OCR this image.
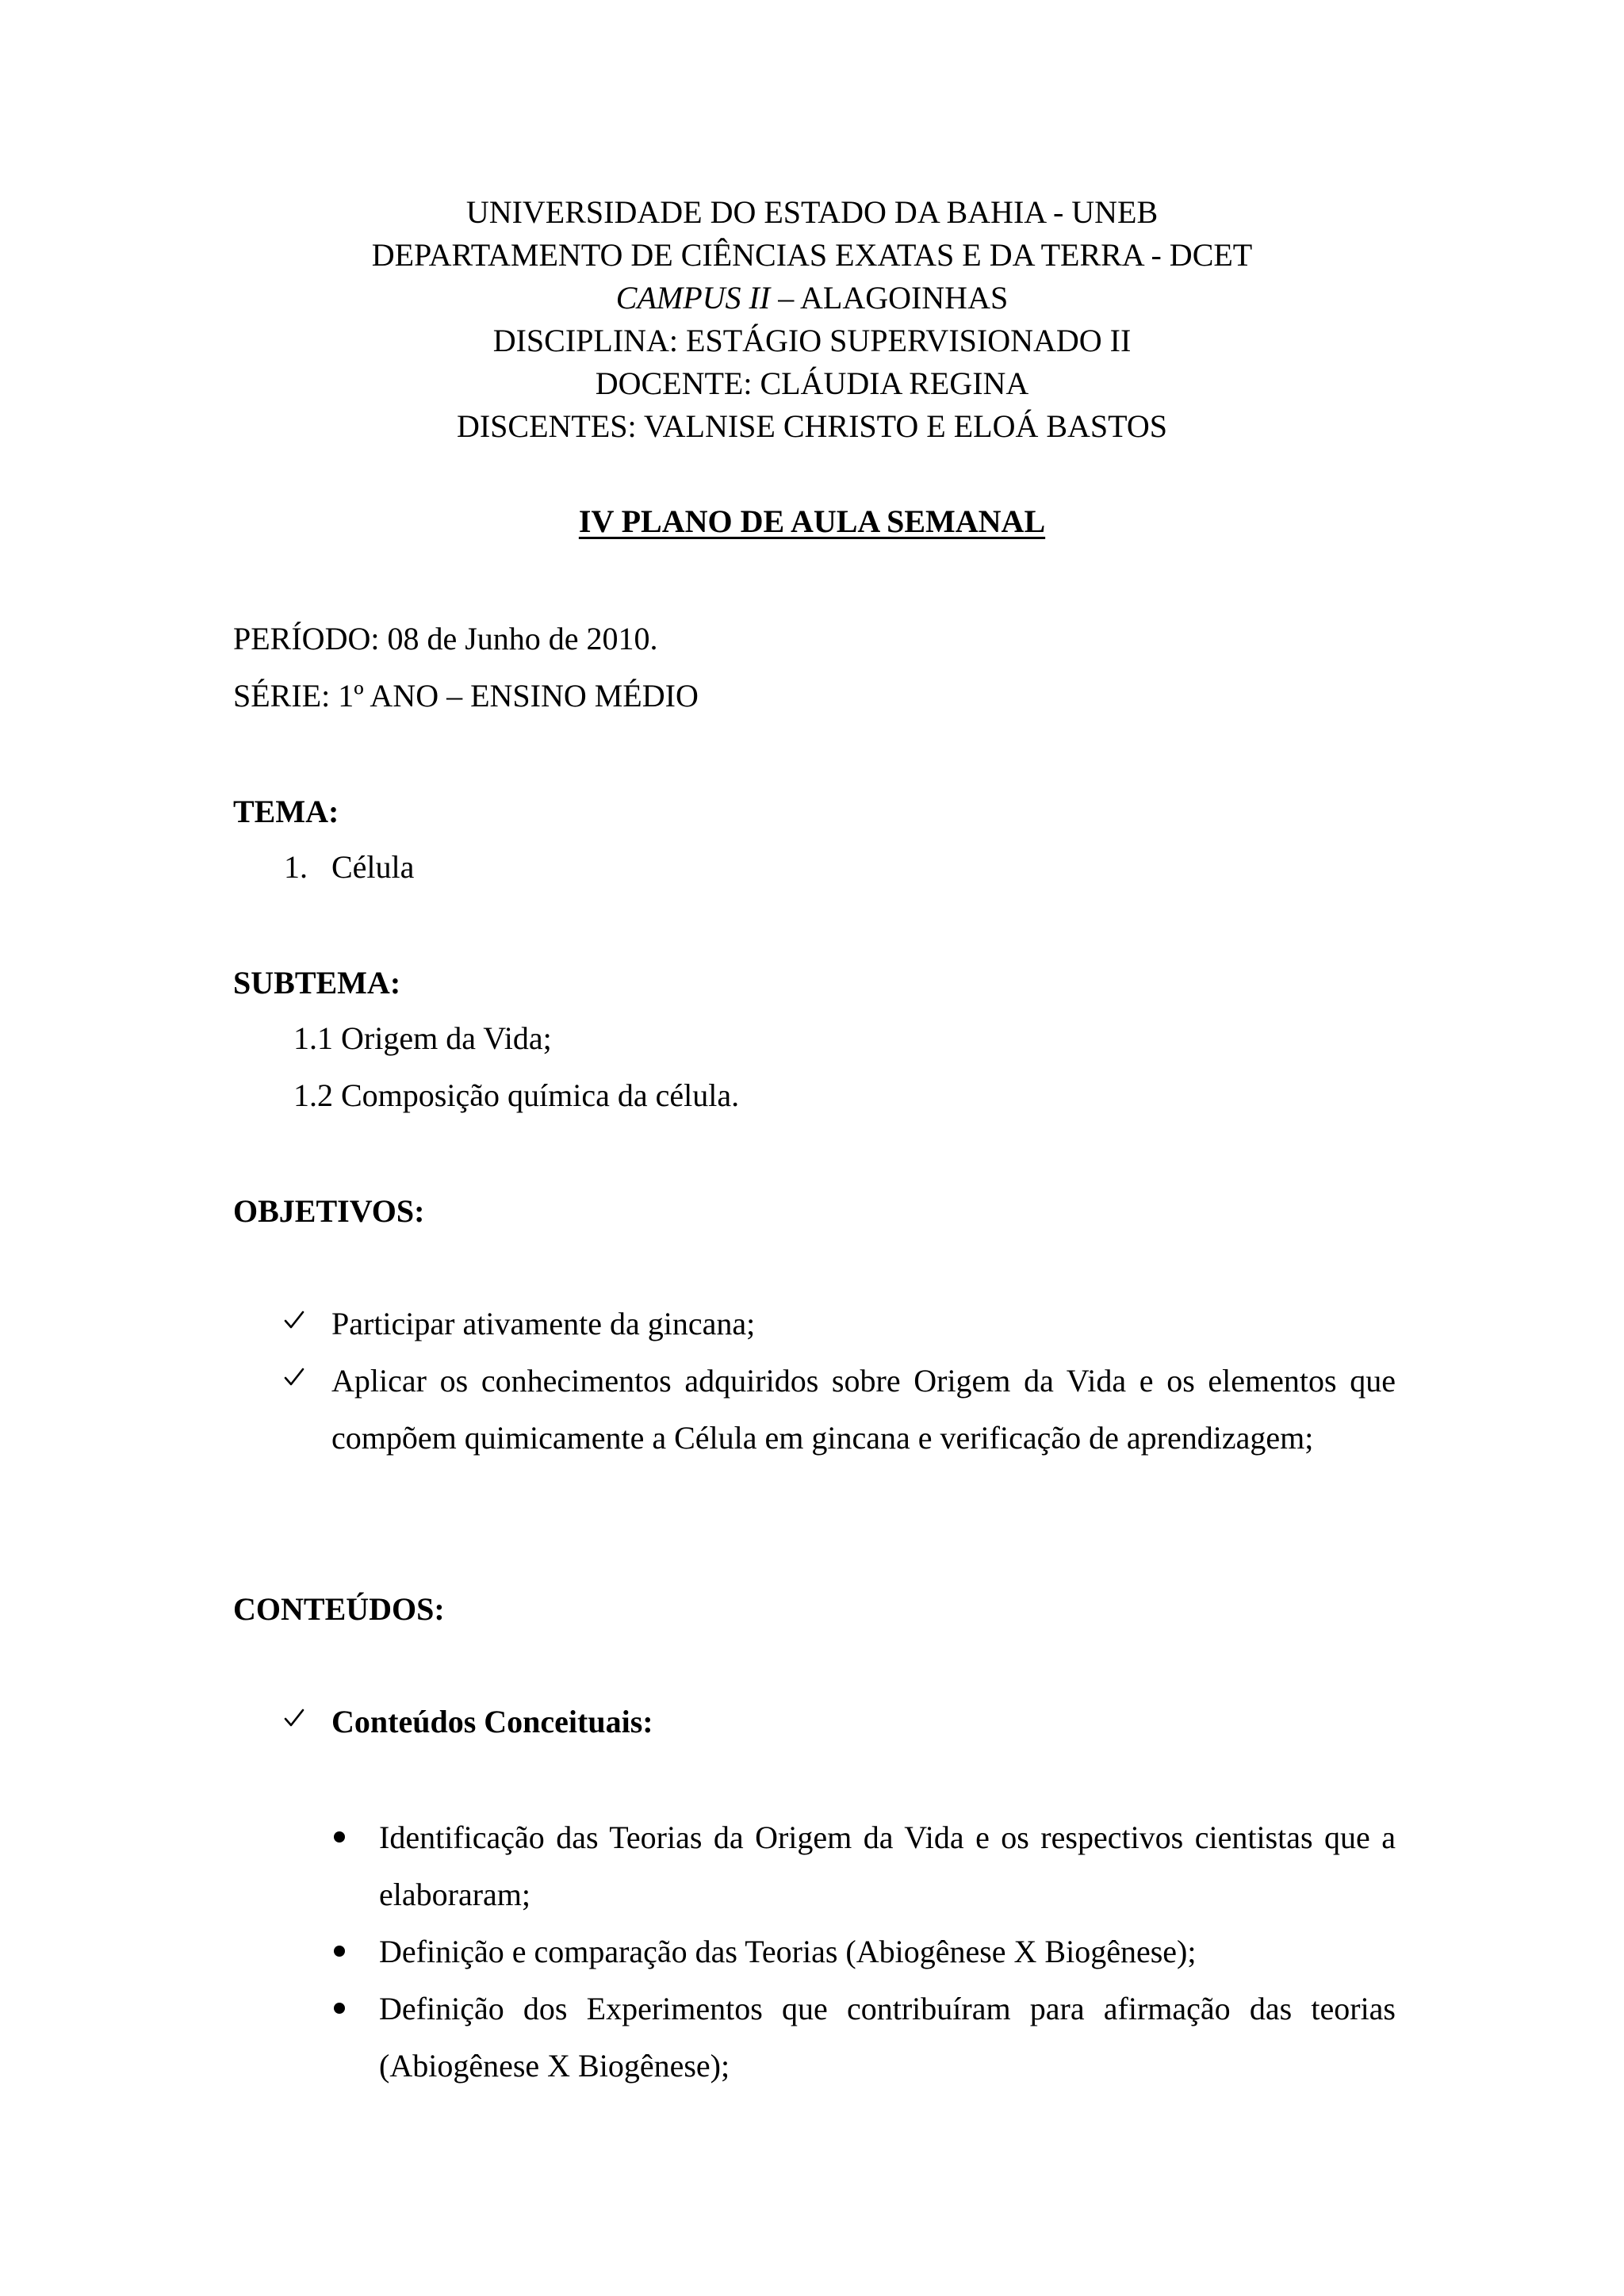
UNIVERSIDADE DO ESTADO DA BAHIA - UNEB
DEPARTAMENTO DE CIÊNCIAS EXATAS E DA TERRA - DCET
CAMPUS II – ALAGOINHAS
DISCIPLINA: ESTÁGIO SUPERVISIONADO II
DOCENTE: CLÁUDIA REGINA
DISCENTES: VALNISE CHRISTO E ELOÁ BASTOS
IV PLANO DE AULA SEMANAL
PERÍODO: 08 de Junho de 2010.
SÉRIE: 1º ANO – ENSINO MÉDIO
TEMA:
1. Célula
SUBTEMA:
1.1 Origem da Vida;
1.2 Composição química da célula.
OBJETIVOS:
Participar ativamente da gincana;
Aplicar os conhecimentos adquiridos sobre Origem da Vida e os elementos que
compõem quimicamente a Célula em gincana e verificação de aprendizagem;
CONTEÚDOS:
Conteúdos Conceituais:
Identificação das Teorias da Origem da Vida e os respectivos cientistas que a
elaboraram;
Definição e comparação das Teorias (Abiogênese X Biogênese);
Definição dos Experimentos que contribuíram para afirmação das teorias
(Abiogênese X Biogênese);
